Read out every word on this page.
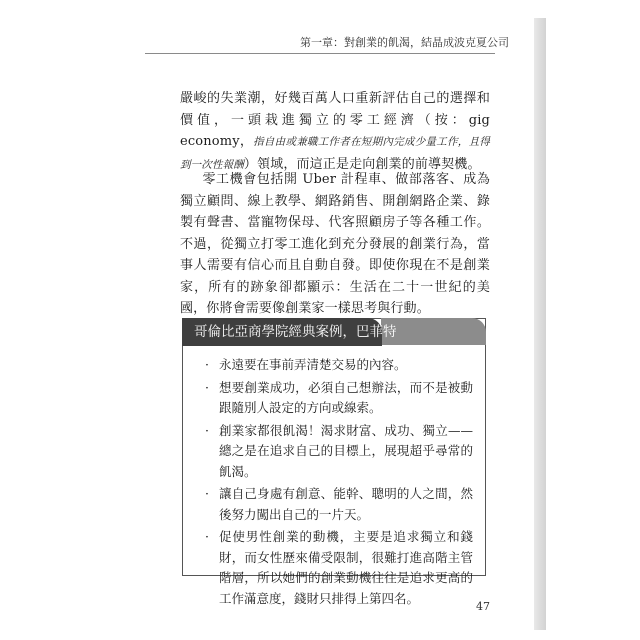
第一章：對創業的飢渴，結晶成波克夏公司

嚴峻的失業潮，好幾百萬人口重新評估自己的選擇和價值，一頭栽進獨立的零工經濟（按：gig economy，指自由或兼職工作者在短期內完成少量工作，且得到一次性報酬）領域，而這正是走向創業的前導契機。

零工機會包括開 Uber 計程車、做部落客、成為獨立顧問、線上教學、網路銷售、開創網路企業、錄製有聲書、當寵物保母、代客照顧房子等各種工作。不過，從獨立打零工進化到充分發展的創業行為，當事人需要有信心而且自動自發。即使你現在不是創業家，所有的跡象卻都顯示：生活在二十一世紀的美國，你將會需要像創業家一樣思考與行動。

哥倫比亞商學院經典案例，巴菲特
· 永遠要在事前弄清楚交易的內容。
· 想要創業成功，必須自己想辦法，而不是被動跟隨別人設定的方向或線索。
· 創業家都很飢渴！渴求財富、成功、獨立——總之是在追求自己的目標上，展現超乎尋常的飢渴。
· 讓自己身處有創意、能幹、聰明的人之間，然後努力闖出自己的一片天。
· 促使男性創業的動機，主要是追求獨立和錢財，而女性歷來備受限制，很難打進高階主管階層，所以她們的創業動機往往是追求更高的工作滿意度，錢財只排得上第四名。
47
